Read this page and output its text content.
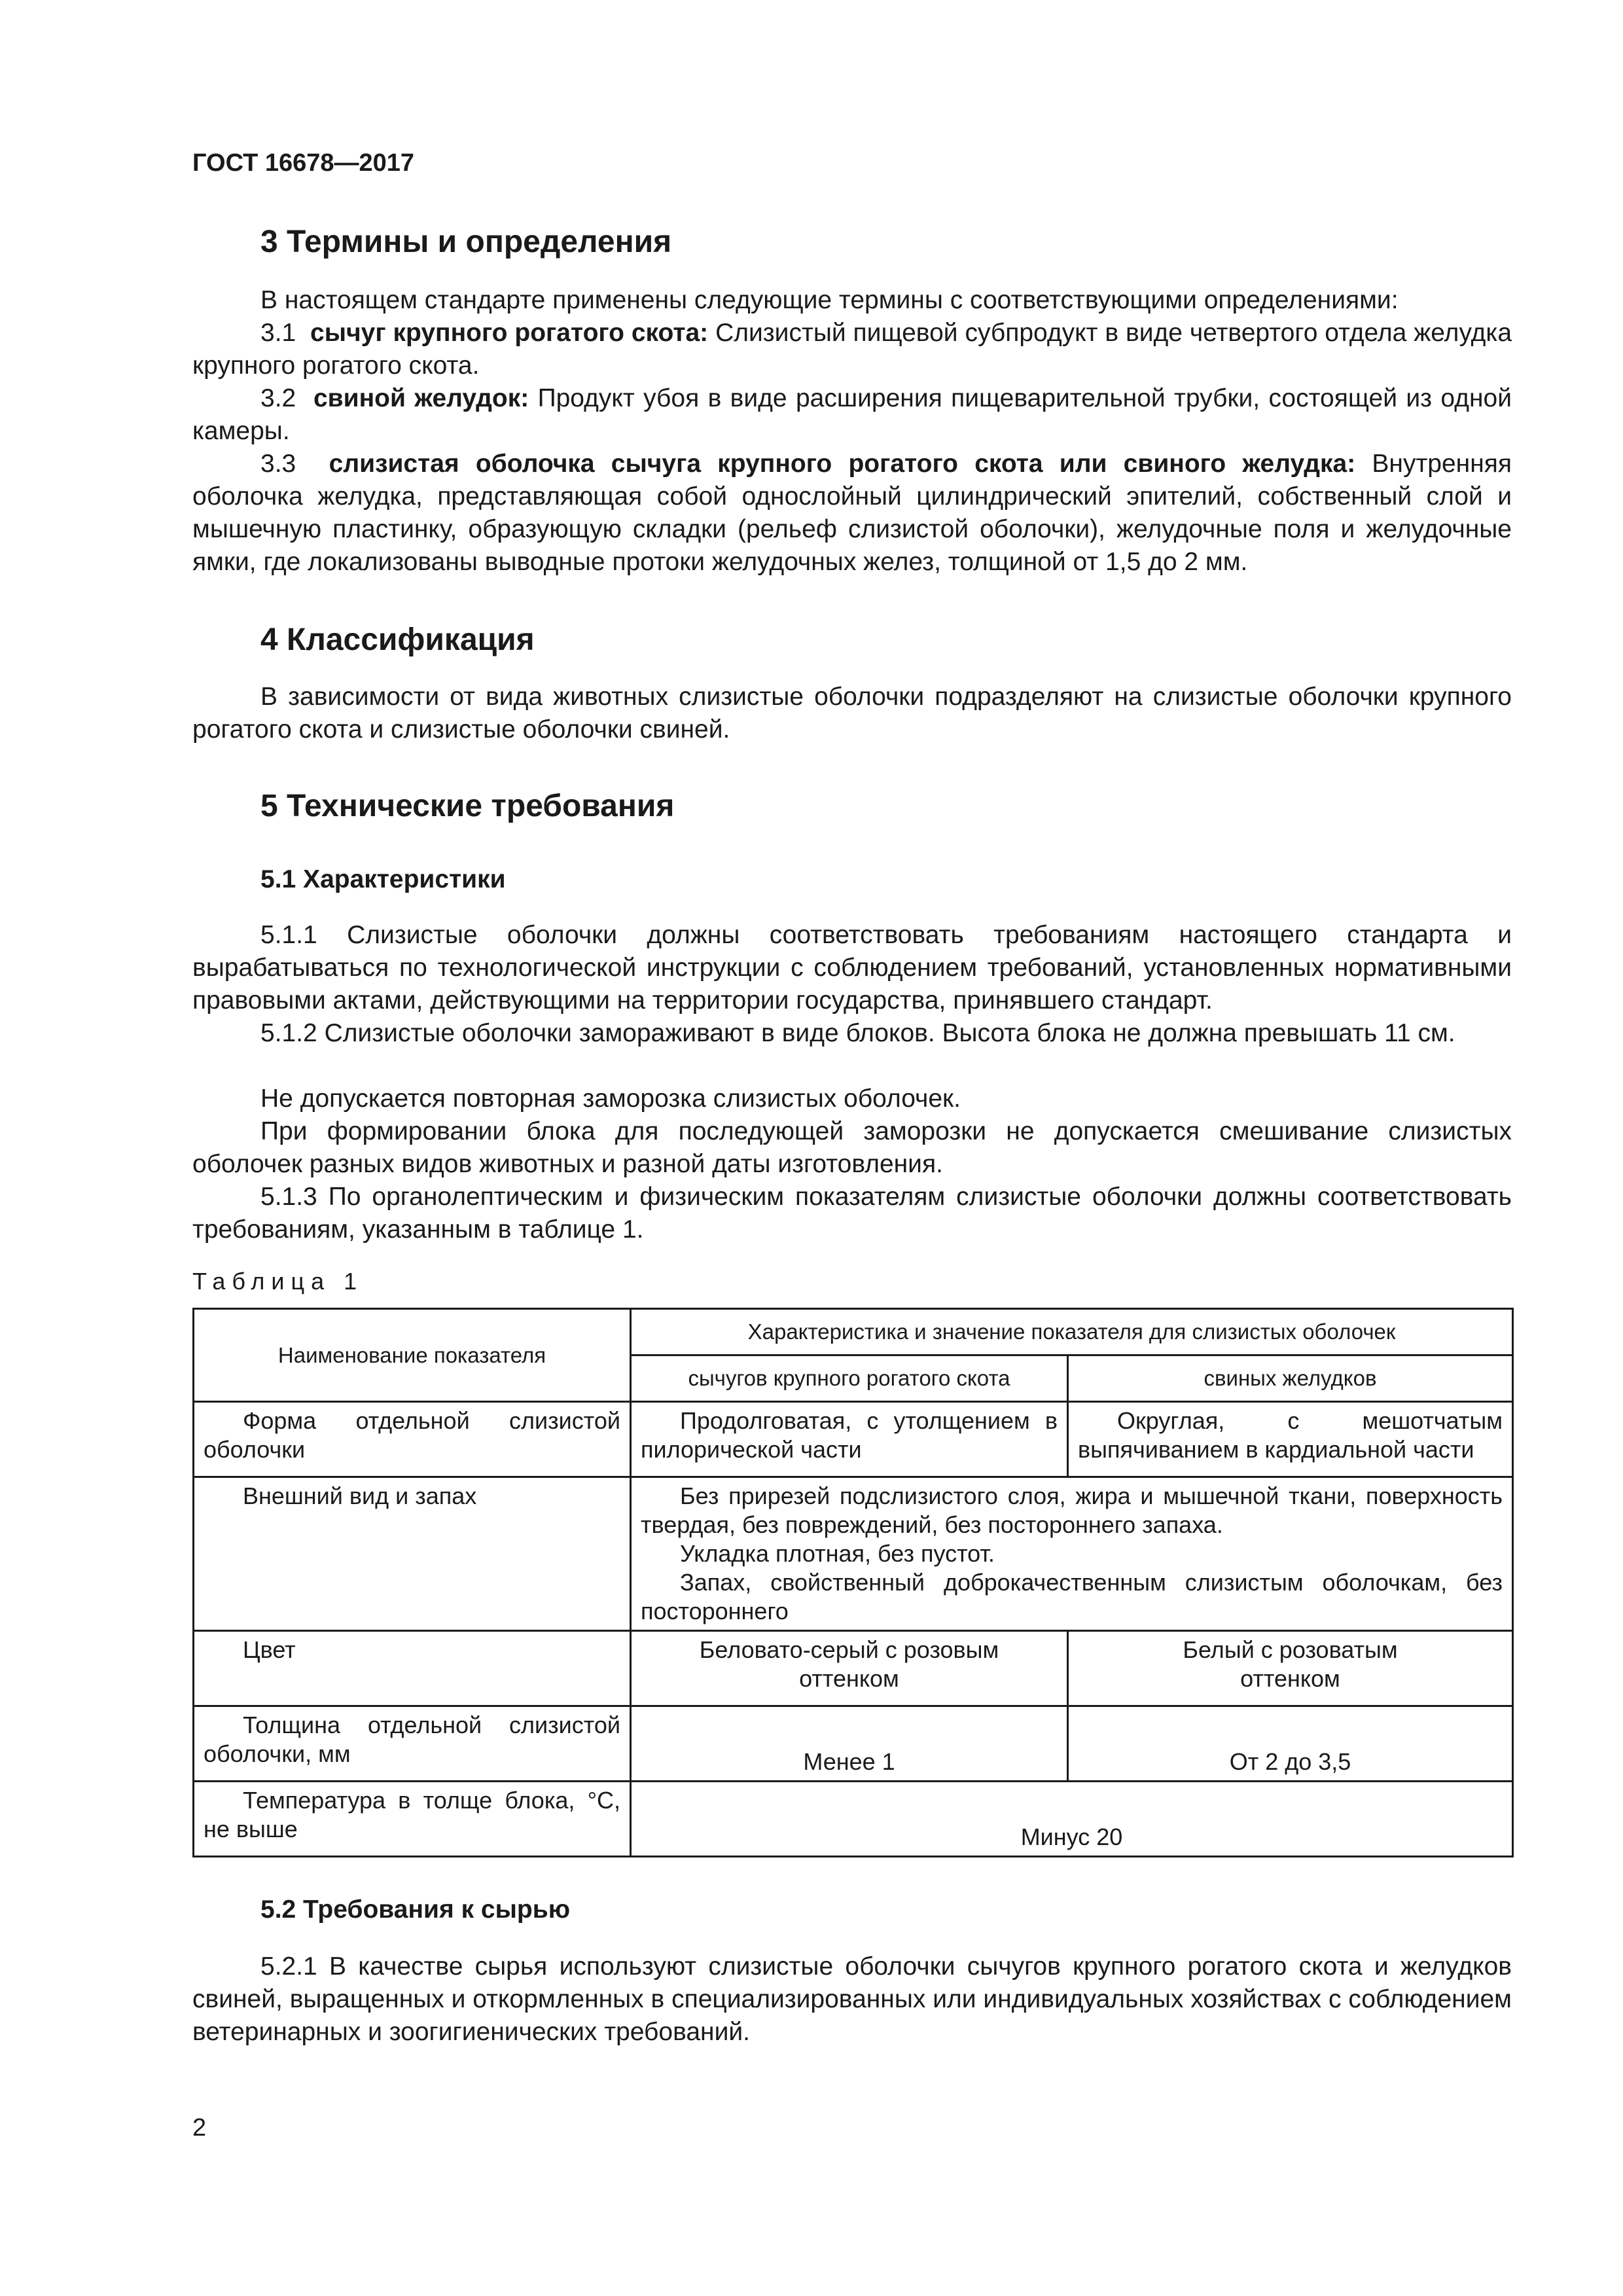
ГОСТ 16678—2017
3 Термины и определения

В настоящем стандарте применены следующие термины с соответствующими определениями:

3.1 сычуг крупного рогатого скота: Слизистый пищевой субпродукт в виде четвертого отдела желудка крупного рогатого скота.

3.2 свиной желудок: Продукт убоя в виде расширения пищеварительной трубки, состоящей из одной камеры.

3.3 слизистая оболочка сычуга крупного рогатого скота или свиного желудка: Внутренняя оболочка желудка, представляющая собой однослойный цилиндрический эпителий, собственный слой и мышечную пластинку, образующую складки (рельеф слизистой оболочки), желудочные поля и желудочные ямки, где локализованы выводные протоки желудочных желез, толщиной от 1,5 до 2 мм.

4 Классификация

В зависимости от вида животных слизистые оболочки подразделяют на слизистые оболочки крупного рогатого скота и слизистые оболочки свиней.

5 Технические требования
5.1 Характеристики

5.1.1 Слизистые оболочки должны соответствовать требованиям настоящего стандарта и вырабатываться по технологической инструкции с соблюдением требований, установленных нормативными правовыми актами, действующими на территории государства, принявшего стандарт.

5.1.2 Слизистые оболочки замораживают в виде блоков. Высота блока не должна превышать 11 см.

Не допускается повторная заморозка слизистых оболочек.

При формировании блока для последующей заморозки не допускается смешивание слизистых оболочек разных видов животных и разной даты изготовления.

5.1.3 По органолептическим и физическим показателям слизистые оболочки должны соответствовать требованиям, указанным в таблице 1.

Таблица 1
Наименование показателя	Характеристика и значение показателя для слизистых оболочек	
	сычугов крупного рогатого скота	свиных желудков
Форма отдельной слизистой оболочки	Продолговатая, с утолщением в пилорической части	Округлая, с мешотчатым выпячиванием в кардиальной части
Внешний вид и запах	Без прирезей подслизистого слоя, жира и мышечной ткани, поверхность твердая, без повреждений, без постороннего запаха.
Укладка плотная, без пустот.
Запах, свойственный доброкачественным слизистым оболочкам, без постороннего	

Цвет	Беловато-серый с розовым оттенком	Белый с розоватым оттенком
Толщина отдельной слизистой оболочки, мм	Менее 1	От 2 до 3,5
Температура в толще блока, °С, не выше	Минус 20	
5.2 Требования к сырью

5.2.1 В качестве сырья используют слизистые оболочки сычугов крупного рогатого скота и желудков свиней, выращенных и откормленных в специализированных или индивидуальных хозяйствах с соблюдением ветеринарных и зоогигиенических требований.

2
